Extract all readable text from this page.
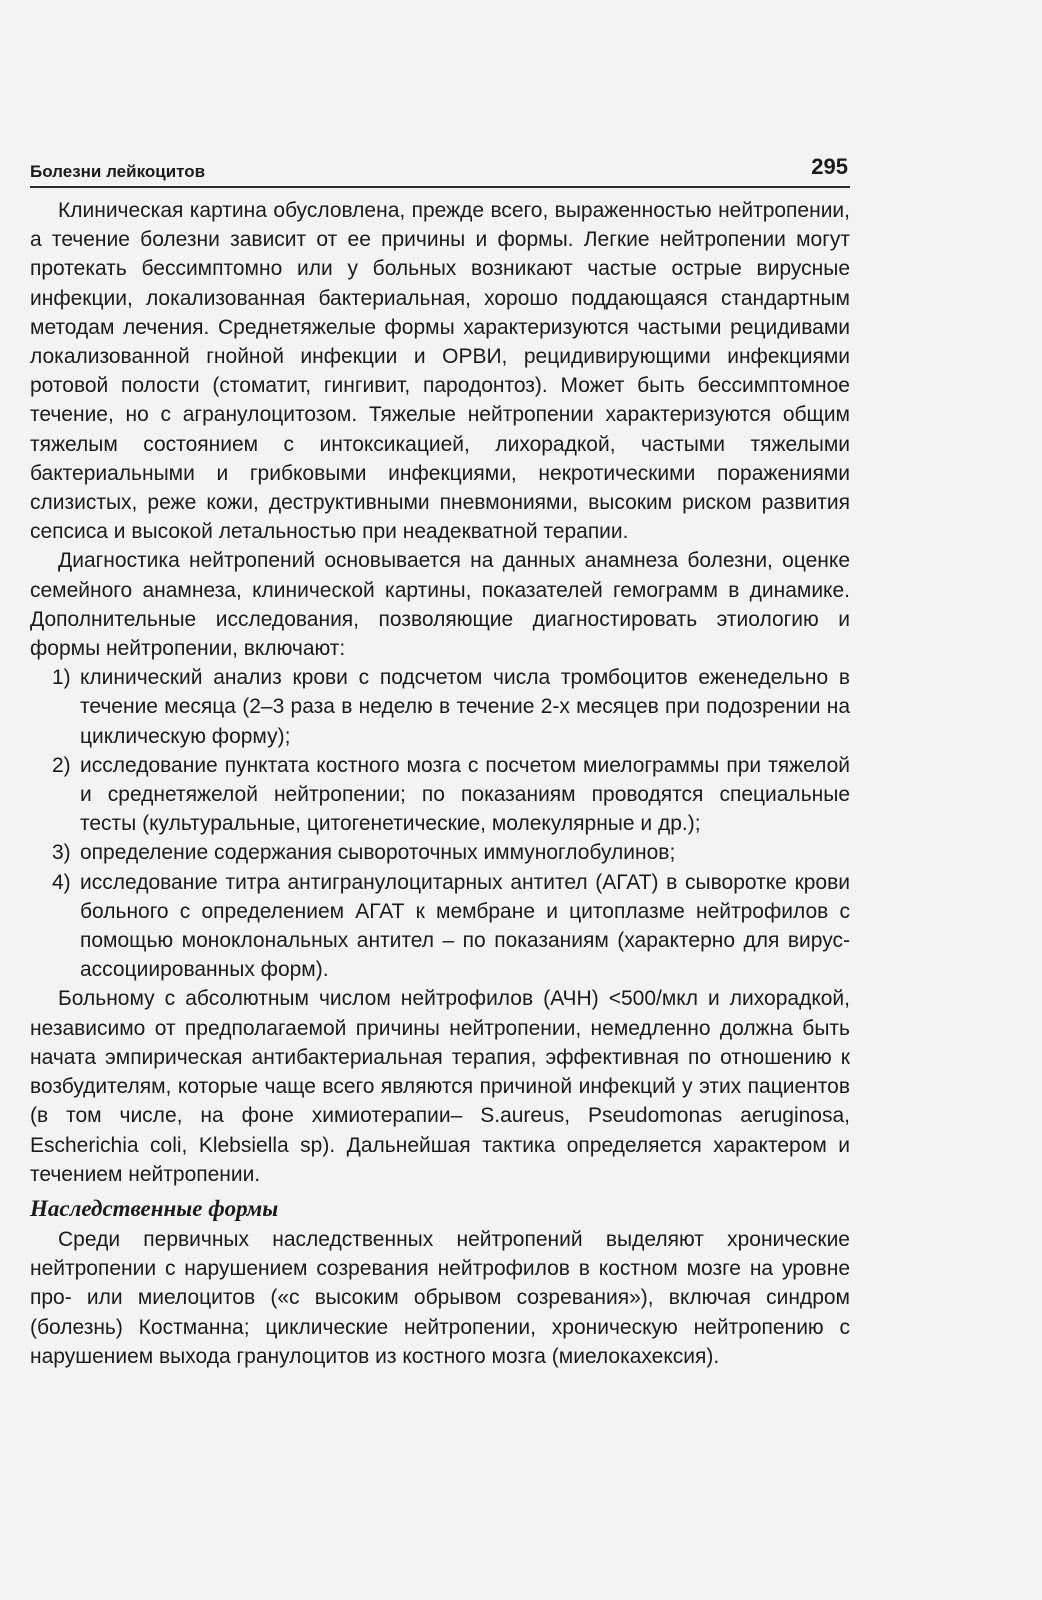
Болезни лейкоцитов	295

Клиническая картина обусловлена, прежде всего, выраженностью нейтропении, а течение болезни зависит от ее причины и формы. Легкие нейтропении могут протекать бессимптомно или у больных возникают частые острые вирусные инфекции, локализованная бактериальная, хорошо поддающаяся стандартным методам лечения. Среднетяжелые формы характеризуются частыми рецидивами локализованной гнойной инфекции и ОРВИ, рецидивирующими инфекциями ротовой полости (стоматит, гингивит, пародонтоз). Может быть бессимптомное течение, но с агранулоцитозом. Тяжелые нейтропении характеризуются общим тяжелым состоянием с интоксикацией, лихорадкой, частыми тяжелыми бактериальными и грибковыми инфекциями, некротическими поражениями слизистых, реже кожи, деструктивными пневмониями, высоким риском развития сепсиса и высокой летальностью при неадекватной терапии.

Диагностика нейтропений основывается на данных анамнеза болезни, оценке семейного анамнеза, клинической картины, показателей гемограмм в динамике. Дополнительные исследования, позволяющие диагностировать этиологию и формы нейтропении, включают:

1) клинический анализ крови с подсчетом числа тромбоцитов еженедельно в течение месяца (2–3 раза в неделю в течение 2-х месяцев при подозрении на циклическую форму);
2) исследование пунктата костного мозга с посчетом миелограммы при тяжелой и среднетяжелой нейтропении; по показаниям проводятся специальные тесты (культуральные, цитогенетические, молекулярные и др.);
3) определение содержания сывороточных иммуноглобулинов;
4) исследование титра антигранулоцитарных антител (АГАТ) в сыворотке крови больного с определением АГАТ к мембране и цитоплазме нейтрофилов с помощью моноклональных антител – по показаниям (характерно для вирус-ассоциированных форм).

Больному с абсолютным числом нейтрофилов (АЧН) <500/мкл и лихорадкой, независимо от предполагаемой причины нейтропении, немедленно должна быть начата эмпирическая антибактериальная терапия, эффективная по отношению к возбудителям, которые чаще всего являются причиной инфекций у этих пациентов (в том числе, на фоне химиотерапии– S.aureus, Pseudomonas aeruginosa, Escherichia coli, Klebsiella sp). Дальнейшая тактика определяется характером и течением нейтропении.

Наследственные формы

Среди первичных наследственных нейтропений выделяют хронические нейтропении с нарушением созревания нейтрофилов в костном мозге на уровне про- или миелоцитов («с высоким обрывом созревания»), включая синдром (болезнь) Костманна; циклические нейтропении, хроническую нейтропению с нарушением выхода гранулоцитов из костного мозга (миелокахексия).
